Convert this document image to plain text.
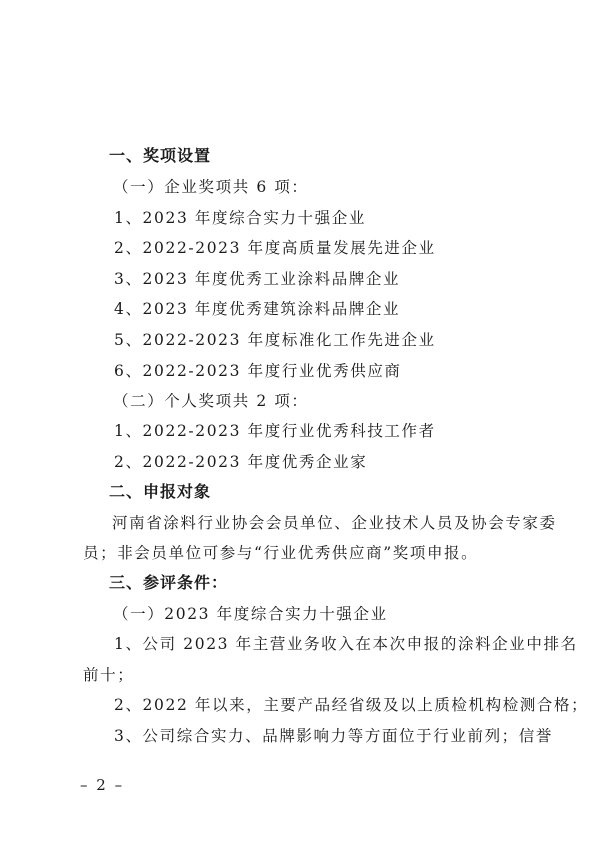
一、奖项设置
（一）企业奖项共 6 项：
1、2023 年度综合实力十强企业
2、2022-2023 年度高质量发展先进企业
3、2023 年度优秀工业涂料品牌企业
4、2023 年度优秀建筑涂料品牌企业
5、2022-2023 年度标准化工作先进企业
6、2022-2023 年度行业优秀供应商
（二）个人奖项共 2 项：
1、2022-2023 年度行业优秀科技工作者
2、2022-2023 年度优秀企业家
二、申报对象
河南省涂料行业协会会员单位、企业技术人员及协会专家委
员；非会员单位可参与“行业优秀供应商”奖项申报。
三、参评条件：
（一）2023 年度综合实力十强企业
1、公司 2023 年主营业务收入在本次申报的涂料企业中排名
前十；
2、2022 年以来，主要产品经省级及以上质检机构检测合格；
3、公司综合实力、品牌影响力等方面位于行业前列；信誉
– 2 –
